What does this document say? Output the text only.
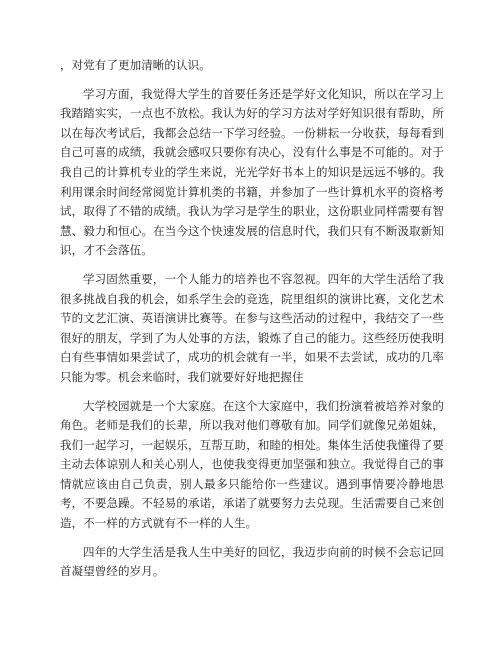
，对党有了更加清晰的认识。

学习方面，我觉得大学生的首要任务还是学好文化知识，所以在学习上我踏踏实实，一点也不放松。我认为好的学习方法对学好知识很有帮助，所以在每次考试后，我都会总结一下学习经验。一份耕耘一分收获，每每看到自己可喜的成绩，我就会感叹只要你有决心，没有什么事是不可能的。对于我自己的计算机专业的学生来说，光光学好书本上的知识是远远不够的。我利用课余时间经常阅览计算机类的书籍，并参加了一些计算机水平的资格考试，取得了不错的成绩。我认为学习是学生的职业，这份职业同样需要有智慧、毅力和恒心。在当今这个快速发展的信息时代，我们只有不断汲取新知识，才不会落伍。

学习固然重要，一个人能力的培养也不容忽视。四年的大学生活给了我很多挑战自我的机会，如系学生会的竞选，院里组织的演讲比赛，文化艺术节的文艺汇演、英语演讲比赛等。在参与这些活动的过程中，我结交了一些很好的朋友，学到了为人处事的方法，锻炼了自己的能力。这些经历使我明白有些事情如果尝试了，成功的机会就有一半，如果不去尝试，成功的几率只能为零。机会来临时，我们就要好好地把握住

大学校园就是一个大家庭。在这个大家庭中，我们扮演着被培养对象的角色。老师是我们的长辈，所以我对他们尊敬有加。同学们就像兄弟姐妹，我们一起学习，一起娱乐，互帮互助，和睦的相处。集体生活使我懂得了要主动去体谅别人和关心别人，也使我变得更加坚强和独立。我觉得自己的事情就应该由自己负责，别人最多只能给你一些建议。遇到事情要冷静地思考，不要急躁。不轻易的承诺，承诺了就要努力去兑现。生活需要自己来创造，不一样的方式就有不一样的人生。

四年的大学生活是我人生中美好的回忆，我迈步向前的时候不会忘记回首凝望曾经的岁月。
